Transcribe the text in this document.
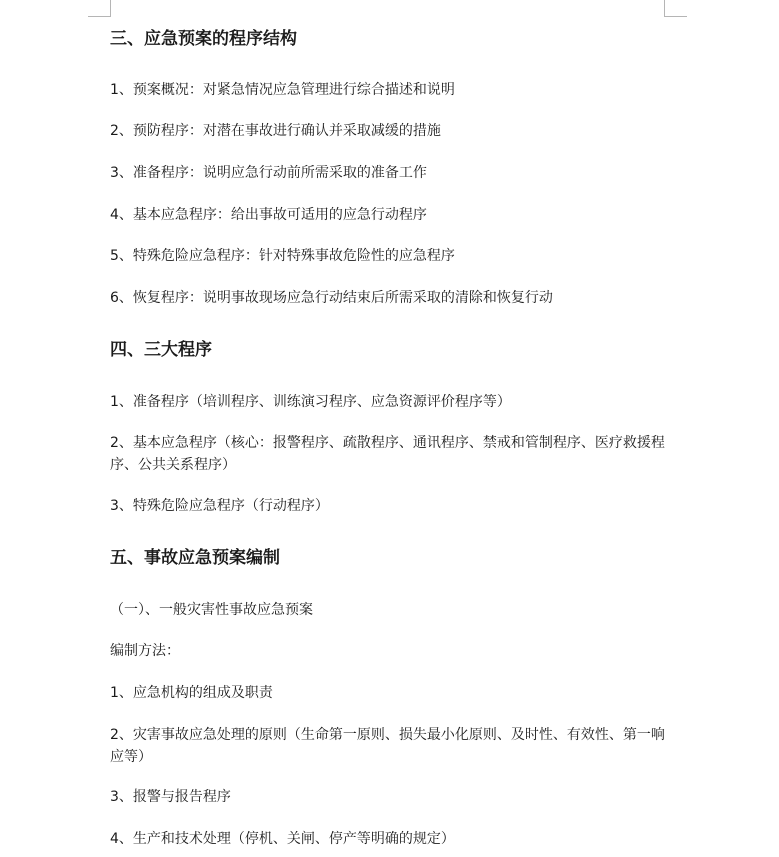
三、应急预案的程序结构
1、预案概况：对紧急情况应急管理进行综合描述和说明
2、预防程序：对潜在事故进行确认并采取减缓的措施
3、准备程序：说明应急行动前所需采取的准备工作
4、基本应急程序：给出事故可适用的应急行动程序
5、特殊危险应急程序：针对特殊事故危险性的应急程序
6、恢复程序：说明事故现场应急行动结束后所需采取的清除和恢复行动
四、三大程序
1、准备程序（培训程序、训练演习程序、应急资源评价程序等）
2、基本应急程序（核心：报警程序、疏散程序、通讯程序、禁戒和管制程序、医疗救援程序、公共关系程序）
3、特殊危险应急程序（行动程序）
五、事故应急预案编制
（一）、一般灾害性事故应急预案
编制方法：
1、应急机构的组成及职责
2、灾害事故应急处理的原则（生命第一原则、损失最小化原则、及时性、有效性、第一响应等）
3、报警与报告程序
4、生产和技术处理（停机、关闸、停产等明确的规定）
